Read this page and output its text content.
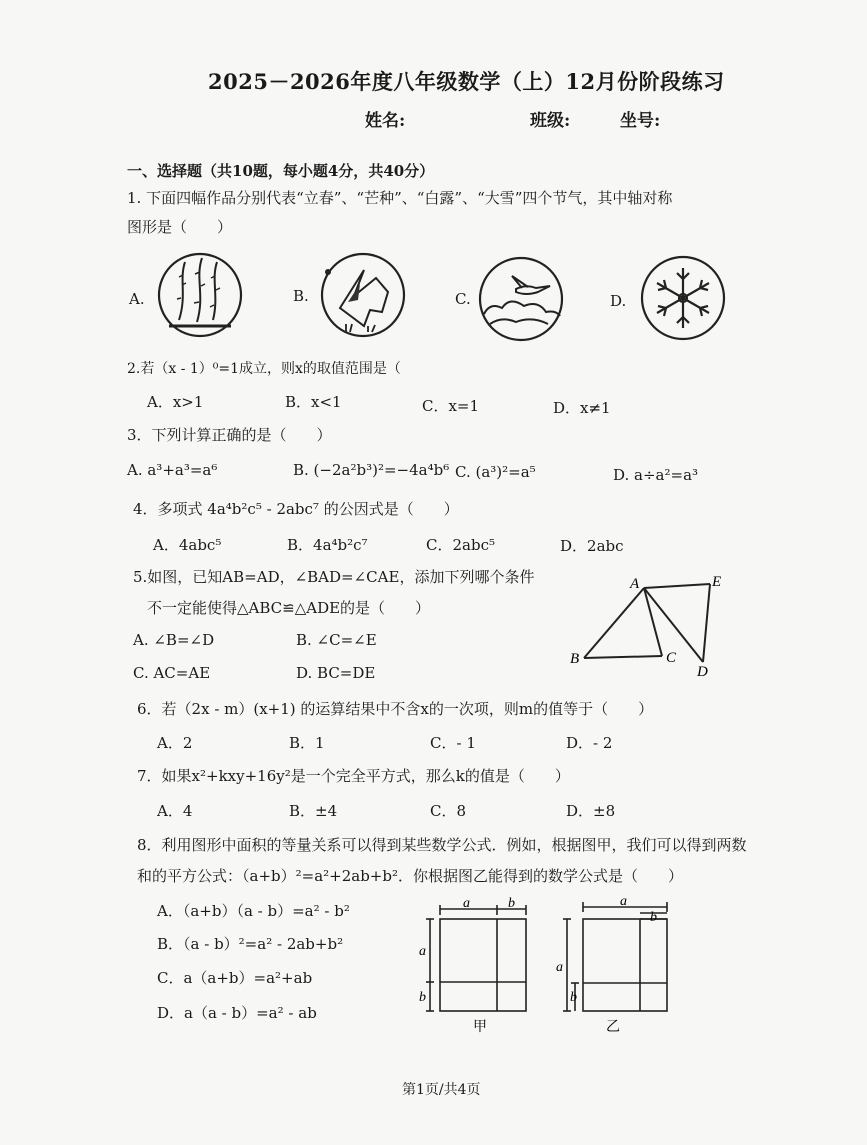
2025－2026年度八年级数学（上）12月份阶段练习
姓名:	班级:	坐号:
一、选择题（共10题，每小题4分，共40分）
1. 下面四幅作品分别代表“立春”、“芒种”、“白露”、“大雪”四个节气，其中轴对称
图形是（　　）
A.	B.	C.	D.
2.若（x - 1）⁰=1成立，则x的取值范围是（
A．x>1	B．x<1	C．x=1	D．x≠1
3．下列计算正确的是（　　）
A. a³+a³=a⁶	B. (−2a²b³)²=−4a⁴b⁶ C. (a³)²=a⁵	D. a÷a²=a³
4．多项式 4a⁴b²c⁵ - 2abc⁷ 的公因式是（　　）
A．4abc⁵	B．4a⁴b²c⁷	C．2abc⁵	D．2abc
5.如图，已知AB=AD，∠BAD=∠CAE，添加下列哪个条件
不一定能使得△ABC≌△ADE的是（　　）
A. ∠B=∠D	B. ∠C=∠E
C. AC=AE	D. BC=DE
A	E
B	C
D
6．若（2x - m）(x+1) 的运算结果中不含x的一次项，则m的值等于（　　）
A．2	B．1	C．- 1	D．- 2
7．如果x²+kxy+16y²是一个完全平方式，那么k的值是（　　）
A．4	B．±4	C．8	D．±8
8．利用图形中面积的等量关系可以得到某些数学公式．例如，根据图甲，我们可以得到两数
和的平方公式：（a+b）²=a²+2ab+b²．你根据图乙能得到的数学公式是（　　）
A．（a+b）（a - b）=a² - b²
B．（a - b）²=a² - 2ab+b²
C．a（a+b）=a²+ab
D．a（a - b）=a² - ab
a	b
a
b
甲
a
b
a
b
乙
第1页/共4页
